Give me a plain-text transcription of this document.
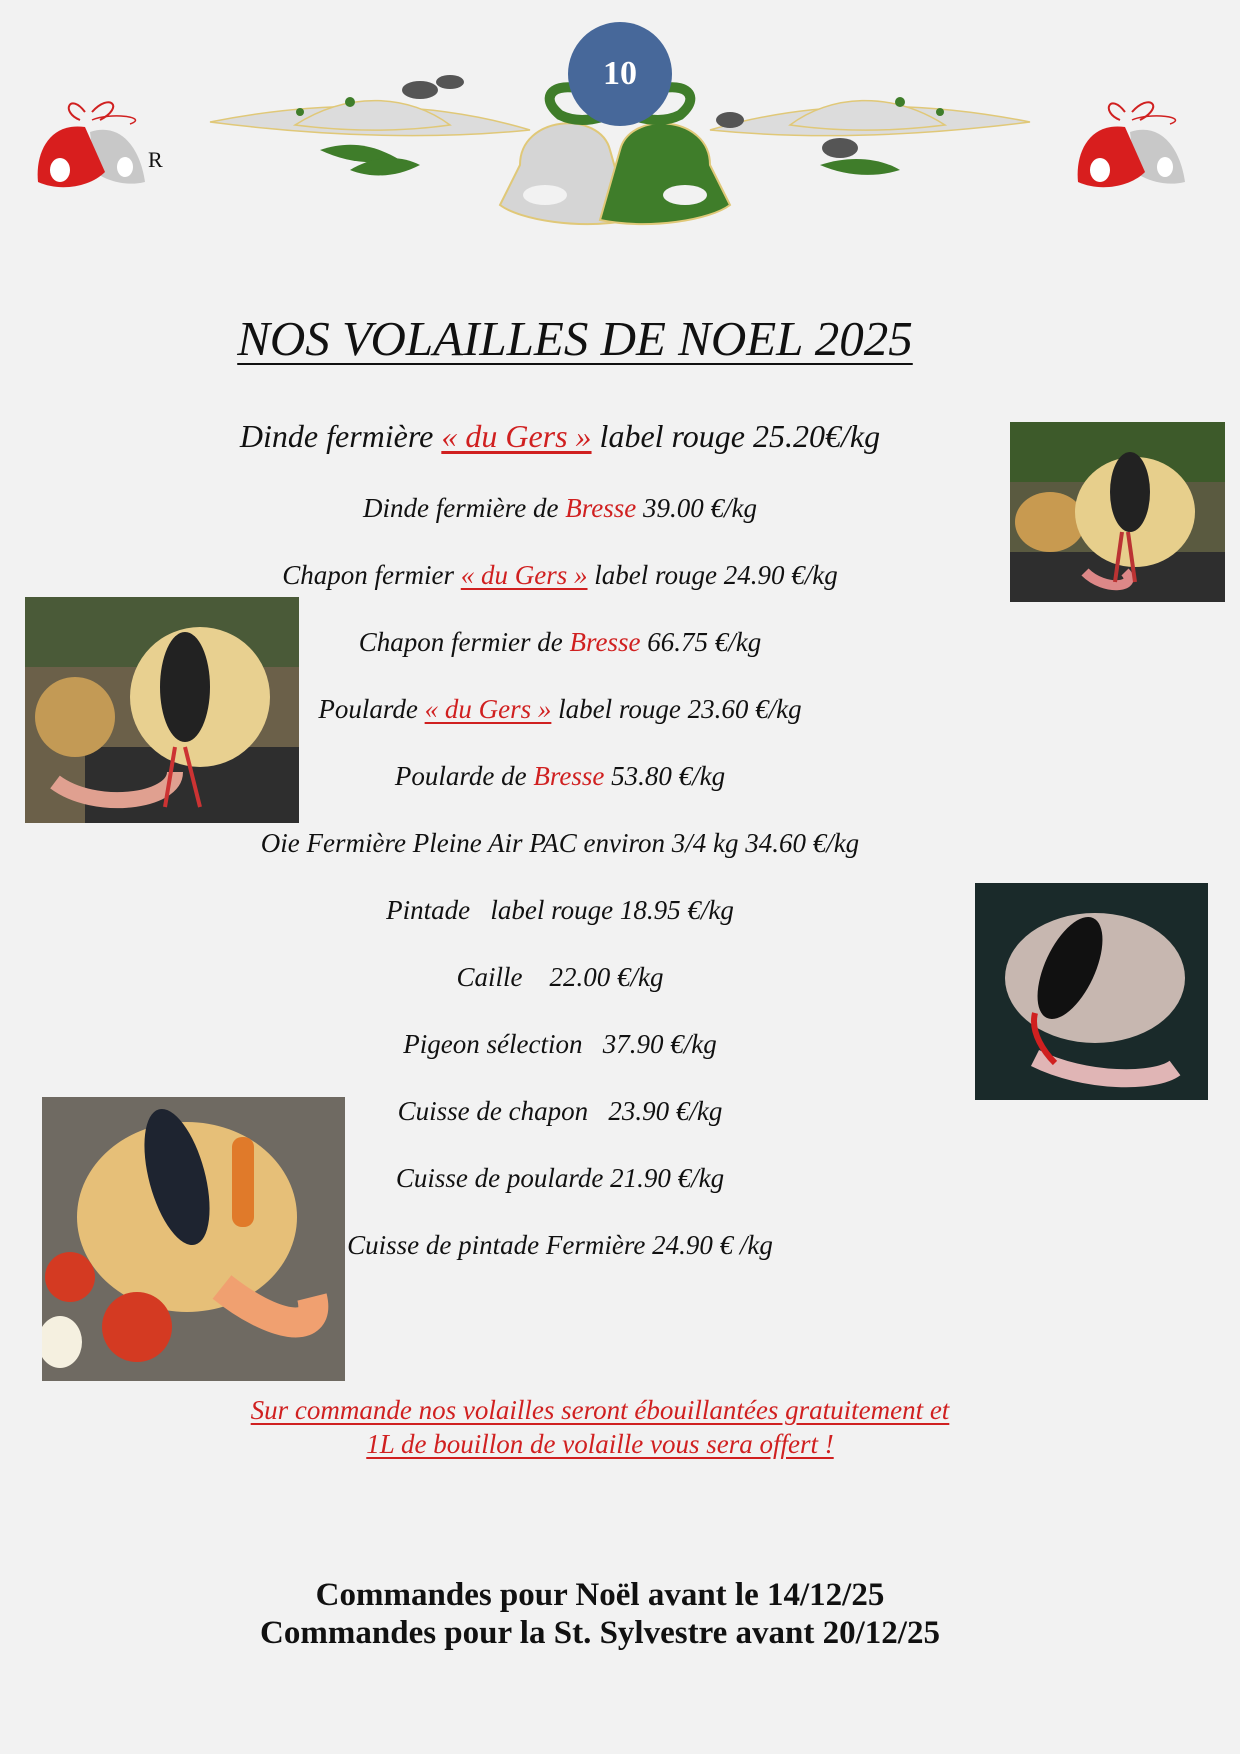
10
R
NOS VOLAILLES DE NOEL 2025
Dinde fermière « du Gers » label rouge 25.20€/kg
Dinde fermière de Bresse 39.00 €/kg
Chapon fermier « du Gers » label rouge 24.90 €/kg
Chapon fermier de Bresse 66.75 €/kg
Poularde « du Gers » label rouge 23.60 €/kg
Poularde de Bresse 53.80 €/kg
Oie Fermière Pleine Air PAC environ 3/4 kg 34.60 €/kg
Pintade   label rouge 18.95 €/kg
Caille    22.00 €/kg
Pigeon sélection   37.90 €/kg
Cuisse de chapon   23.90 €/kg
Cuisse de poularde 21.90 €/kg
Cuisse de pintade Fermière 24.90 € /kg
Sur commande nos volailles seront ébouillantées gratuitement et
1L de bouillon de volaille vous sera offert !
Commandes pour Noël avant le 14/12/25
Commandes pour la St. Sylvestre avant 20/12/25
